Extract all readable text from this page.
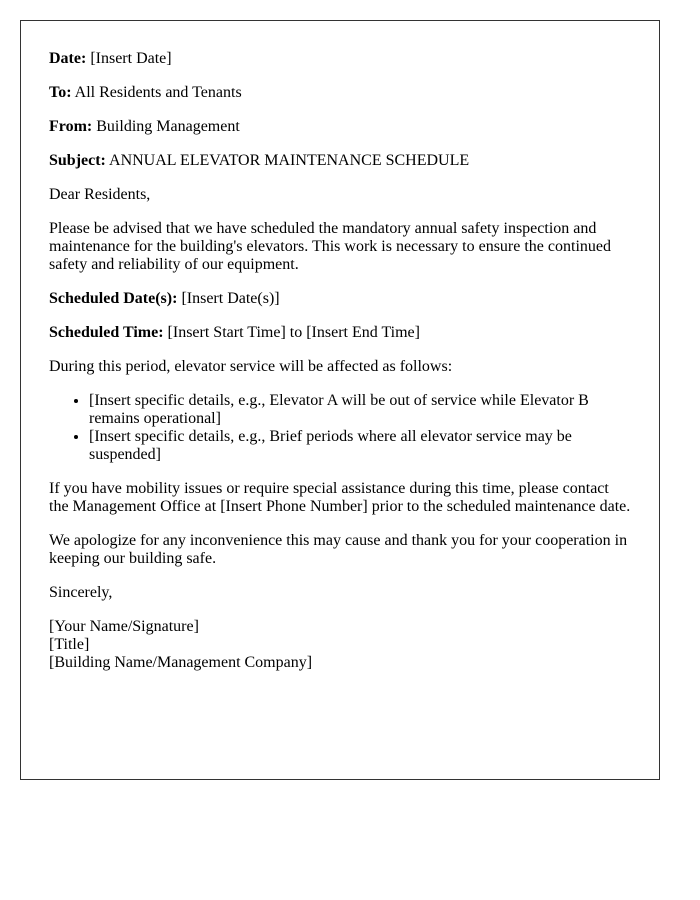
Date: [Insert Date]

To: All Residents and Tenants

From: Building Management

Subject: ANNUAL ELEVATOR MAINTENANCE SCHEDULE

Dear Residents,

Please be advised that we have scheduled the mandatory annual safety inspection and maintenance for the building's elevators. This work is necessary to ensure the continued safety and reliability of our equipment.

Scheduled Date(s): [Insert Date(s)]

Scheduled Time: [Insert Start Time] to [Insert End Time]

During this period, elevator service will be affected as follows:

• [Insert specific details, e.g., Elevator A will be out of service while Elevator B remains operational]
• [Insert specific details, e.g., Brief periods where all elevator service may be suspended]

If you have mobility issues or require special assistance during this time, please contact the Management Office at [Insert Phone Number] prior to the scheduled maintenance date.

We apologize for any inconvenience this may cause and thank you for your cooperation in keeping our building safe.

Sincerely,

[Your Name/Signature]
[Title]
[Building Name/Management Company]
